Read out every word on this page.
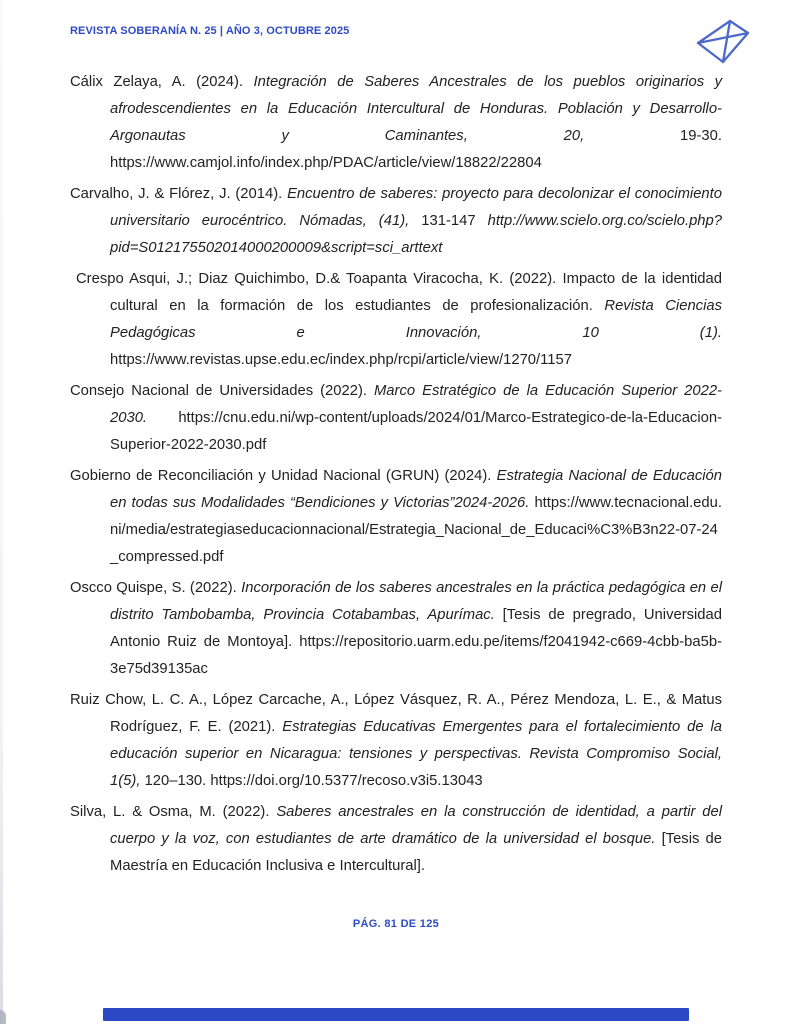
REVISTA SOBERANÍA N. 25 | AÑO 3, OCTUBRE 2025

Cálix Zelaya, A. (2024). Integración de Saberes Ancestrales de los pueblos originarios y afrodescendientes en la Educación Intercultural de Honduras. Población y Desarrollo-Argonautas y Caminantes, 20, 19-30. https://www.camjol.info/index.php/PDAC/article/view/18822/22804

Carvalho, J. & Flórez, J. (2014). Encuentro de saberes: proyecto para decolonizar el conocimiento universitario eurocéntrico. Nómadas, (41), 131-147 http://www.scielo.org.co/scielo.php?pid=S012175502014000200009&script=sci_arttext

Crespo Asqui, J.; Diaz Quichimbo, D.& Toapanta Viracocha, K. (2022). Impacto de la identidad cultural en la formación de los estudiantes de profesionalización. Revista Ciencias Pedagógicas e Innovación, 10 (1). https://www.revistas.upse.edu.ec/index.php/rcpi/article/view/1270/1157

Consejo Nacional de Universidades (2022). Marco Estratégico de la Educación Superior 2022-2030. https://cnu.edu.ni/wp-content/uploads/2024/01/Marco-Estrategico-de-la-Educacion-Superior-2022-2030.pdf

Gobierno de Reconciliación y Unidad Nacional (GRUN) (2024). Estrategia Nacional de Educación en todas sus Modalidades “Bendiciones y Victorias”2024-2026. https://www.tecnacional.edu.ni/media/estrategiaseducacionnacional/Estrategia_Nacional_de_Educaci%C3%B3n22-07-24_compressed.pdf

Oscco Quispe, S. (2022). Incorporación de los saberes ancestrales en la práctica pedagógica en el distrito Tambobamba, Provincia Cotabambas, Apurímac. [Tesis de pregrado, Universidad Antonio Ruiz de Montoya]. https://repositorio.uarm.edu.pe/items/f2041942-c669-4cbb-ba5b-3e75d39135ac

Ruiz Chow, L. C. A., López Carcache, A., López Vásquez, R. A., Pérez Mendoza, L. E., & Matus Rodríguez, F. E. (2021). Estrategias Educativas Emergentes para el fortalecimiento de la educación superior en Nicaragua: tensiones y perspectivas. Revista Compromiso Social, 1(5), 120–130. https://doi.org/10.5377/recoso.v3i5.13043

Silva, L. & Osma, M. (2022). Saberes ancestrales en la construcción de identidad, a partir del cuerpo y la voz, con estudiantes de arte dramático de la universidad el bosque. [Tesis de Maestría en Educación Inclusiva e Intercultural].

PÁG. 81 DE 125
